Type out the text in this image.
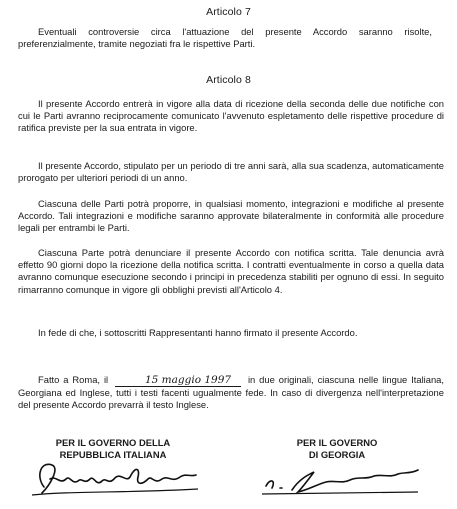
Articolo 7
Eventuali controversie circa l'attuazione del presente Accordo saranno risolte, preferenzialmente, tramite negoziati fra le rispettive Parti.
Articolo 8
Il presente Accordo entrerà in vigore alla data di ricezione della seconda delle due notifiche con cui le Parti avranno reciprocamente comunicato l'avvenuto espletamento delle rispettive procedure di ratifica previste per la sua entrata in vigore.
Il presente Accordo, stipulato per un periodo di tre anni sarà, alla sua scadenza, automaticamente prorogato per ulteriori periodi di un anno.
Ciascuna delle Parti potrà proporre, in qualsiasi momento, integrazioni e modifiche al presente Accordo. Tali integrazioni e modifiche saranno approvate bilateralmente in conformità alle procedure legali per entrambi le Parti.
Ciascuna Parte potrà denunciare il presente Accordo con notifica scritta. Tale denuncia avrà effetto 90 giorni dopo la ricezione della notifica scritta. I contratti eventualmente in corso a quella data avranno comunque esecuzione secondo i principi in precedenza stabiliti per ognuno di essi. In seguito rimarranno comunque in vigore gli obblighi previsti all'Articolo 4.
In fede di che, i sottoscritti Rappresentanti hanno firmato il presente Accordo.
Fatto a Roma, il	15 maggio 1997 in due originali, ciascuna nelle lingue Italiana, Georgiana ed Inglese, tutti i testi facenti ugualmente fede. In caso di divergenza nell'interpretazione del presente Accordo prevarrà il testo Inglese.
PER IL GOVERNO DELLA
REPUBBLICA ITALIANA
PER IL GOVERNO
DI GEORGIA
